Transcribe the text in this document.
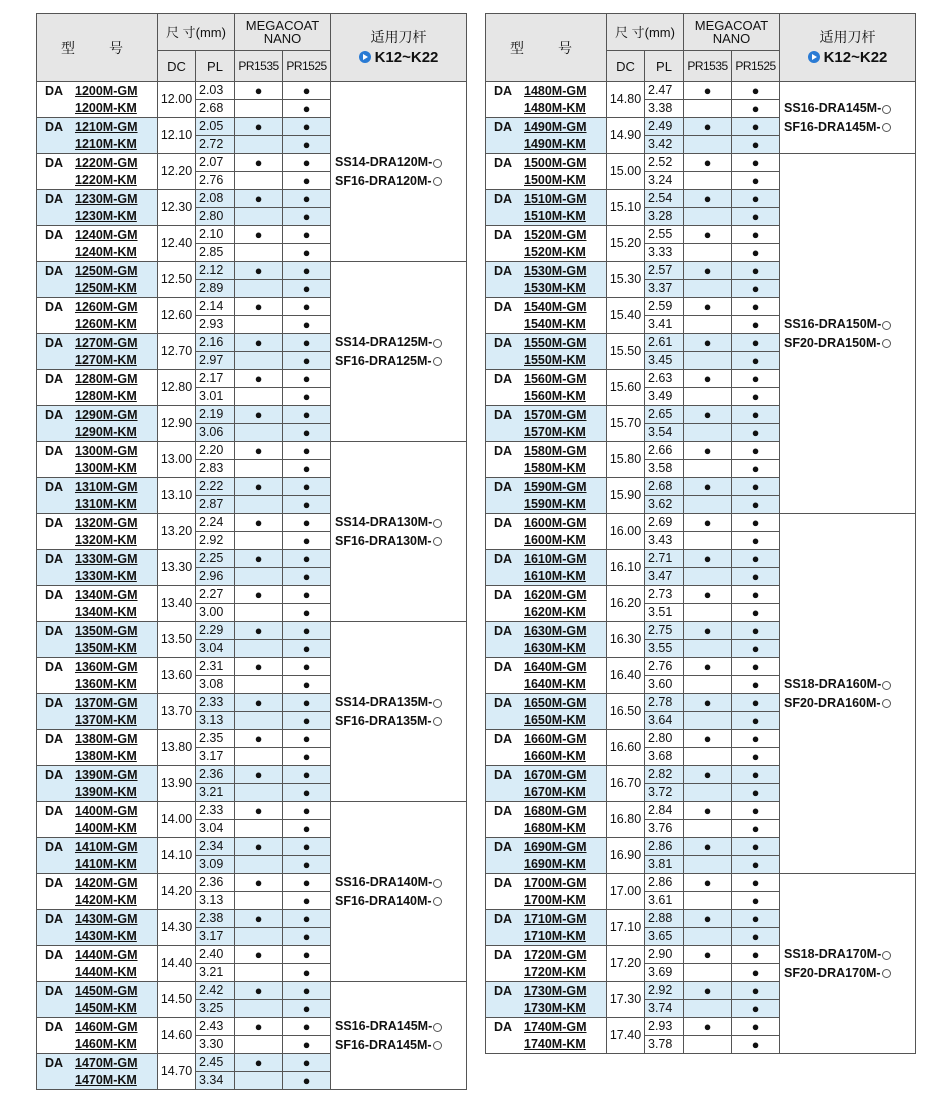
型　号	尺 寸(mm)		MEGACOAT
NANO		适用刀杆
K12~K22

	DC	PL	PR1535	PR1525	
DA 1200M-GM	12.00	2.03	●	●	SS14-DRA120M-
SF16-DRA120M-

1200M-KM		2.68		●	
DA 1210M-GM	12.10	2.05	●	●	
1210M-KM		2.72		●	
DA 1220M-GM	12.20	2.07	●	●	
1220M-KM		2.76		●	
DA 1230M-GM	12.30	2.08	●	●	
1230M-KM		2.80		●	
DA 1240M-GM	12.40	2.10	●	●	
1240M-KM		2.85		●	
DA 1250M-GM	12.50	2.12	●	●	SS14-DRA125M-
SF16-DRA125M-

1250M-KM		2.89		●	
DA 1260M-GM	12.60	2.14	●	●	
1260M-KM		2.93		●	
DA 1270M-GM	12.70	2.16	●	●	
1270M-KM		2.97		●	
DA 1280M-GM	12.80	2.17	●	●	
1280M-KM		3.01		●	
DA 1290M-GM	12.90	2.19	●	●	
1290M-KM		3.06		●	
DA 1300M-GM	13.00	2.20	●	●	SS14-DRA130M-
SF16-DRA130M-

1300M-KM		2.83		●	
DA 1310M-GM	13.10	2.22	●	●	
1310M-KM		2.87		●	
DA 1320M-GM	13.20	2.24	●	●	
1320M-KM		2.92		●	
DA 1330M-GM	13.30	2.25	●	●	
1330M-KM		2.96		●	
DA 1340M-GM	13.40	2.27	●	●	
1340M-KM		3.00		●	
DA 1350M-GM	13.50	2.29	●	●	SS14-DRA135M-
SF16-DRA135M-

1350M-KM		3.04		●	
DA 1360M-GM	13.60	2.31	●	●	
1360M-KM		3.08		●	
DA 1370M-GM	13.70	2.33	●	●	
1370M-KM		3.13		●	
DA 1380M-GM	13.80	2.35	●	●	
1380M-KM		3.17		●	
DA 1390M-GM	13.90	2.36	●	●	
1390M-KM		3.21		●	
DA 1400M-GM	14.00	2.33	●	●	SS16-DRA140M-
SF16-DRA140M-

1400M-KM		3.04		●	
DA 1410M-GM	14.10	2.34	●	●	
1410M-KM		3.09		●	
DA 1420M-GM	14.20	2.36	●	●	
1420M-KM		3.13		●	
DA 1430M-GM	14.30	2.38	●	●	
1430M-KM		3.17		●	
DA 1440M-GM	14.40	2.40	●	●	
1440M-KM		3.21		●	
DA 1450M-GM	14.50	2.42	●	●	SS16-DRA145M-
SF16-DRA145M-

1450M-KM		3.25		●	
DA 1460M-GM	14.60	2.43	●	●	
1460M-KM		3.30		●	
DA 1470M-GM	14.70	2.45	●	●	
1470M-KM		3.34		●	
型　号	尺 寸(mm)		MEGACOAT
NANO		适用刀杆
K12~K22

	DC	PL	PR1535	PR1525	
DA 1480M-GM	14.80	2.47	●	●	SS16-DRA145M-
SF16-DRA145M-

1480M-KM		3.38		●	
DA 1490M-GM	14.90	2.49	●	●	
1490M-KM		3.42		●	
DA 1500M-GM	15.00	2.52	●	●	SS16-DRA150M-
SF20-DRA150M-

1500M-KM		3.24		●	
DA 1510M-GM	15.10	2.54	●	●	
1510M-KM		3.28		●	
DA 1520M-GM	15.20	2.55	●	●	
1520M-KM		3.33		●	
DA 1530M-GM	15.30	2.57	●	●	
1530M-KM		3.37		●	
DA 1540M-GM	15.40	2.59	●	●	
1540M-KM		3.41		●	
DA 1550M-GM	15.50	2.61	●	●	
1550M-KM		3.45		●	
DA 1560M-GM	15.60	2.63	●	●	
1560M-KM		3.49		●	
DA 1570M-GM	15.70	2.65	●	●	
1570M-KM		3.54		●	
DA 1580M-GM	15.80	2.66	●	●	
1580M-KM		3.58		●	
DA 1590M-GM	15.90	2.68	●	●	
1590M-KM		3.62		●	
DA 1600M-GM	16.00	2.69	●	●	SS18-DRA160M-
SF20-DRA160M-

1600M-KM		3.43		●	
DA 1610M-GM	16.10	2.71	●	●	
1610M-KM		3.47		●	
DA 1620M-GM	16.20	2.73	●	●	
1620M-KM		3.51		●	
DA 1630M-GM	16.30	2.75	●	●	
1630M-KM		3.55		●	
DA 1640M-GM	16.40	2.76	●	●	
1640M-KM		3.60		●	
DA 1650M-GM	16.50	2.78	●	●	
1650M-KM		3.64		●	
DA 1660M-GM	16.60	2.80	●	●	
1660M-KM		3.68		●	
DA 1670M-GM	16.70	2.82	●	●	
1670M-KM		3.72		●	
DA 1680M-GM	16.80	2.84	●	●	
1680M-KM		3.76		●	
DA 1690M-GM	16.90	2.86	●	●	
1690M-KM		3.81		●	
DA 1700M-GM	17.00	2.86	●	●	SS18-DRA170M-
SF20-DRA170M-

1700M-KM		3.61		●	
DA 1710M-GM	17.10	2.88	●	●	
1710M-KM		3.65		●	
DA 1720M-GM	17.20	2.90	●	●	
1720M-KM		3.69		●	
DA 1730M-GM	17.30	2.92	●	●	
1730M-KM		3.74		●	
DA 1740M-GM	17.40	2.93	●	●	
1740M-KM		3.78		●	
